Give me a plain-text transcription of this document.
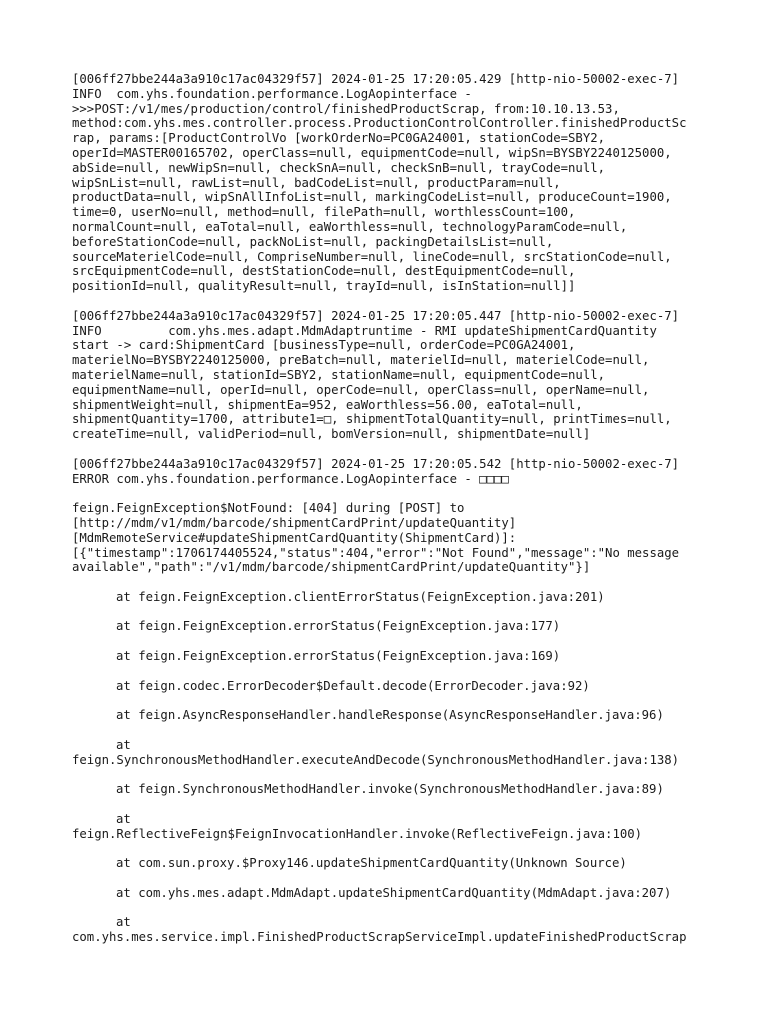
[006ff27bbe244a3a910c17ac04329f57] 2024-01-25 17:20:05.429 [http-nio-50002-exec-7]
INFO  com.yhs.foundation.performance.LogAopinterface -
>>>POST:/v1/mes/production/control/finishedProductScrap, from:10.10.13.53,
method:com.yhs.mes.controller.process.ProductionControlController.finishedProductSc
rap, params:[ProductControlVo [workOrderNo=PC0GA24001, stationCode=SBY2,
operId=MASTER00165702, operClass=null, equipmentCode=null, wipSn=BYSBY2240125000,
abSide=null, newWipSn=null, checkSnA=null, checkSnB=null, trayCode=null,
wipSnList=null, rawList=null, badCodeList=null, productParam=null,
productData=null, wipSnAllInfoList=null, markingCodeList=null, produceCount=1900,
time=0, userNo=null, method=null, filePath=null, worthlessCount=100,
normalCount=null, eaTotal=null, eaWorthless=null, technologyParamCode=null,
beforeStationCode=null, packNoList=null, packingDetailsList=null,
sourceMaterielCode=null, CompriseNumber=null, lineCode=null, srcStationCode=null,
srcEquipmentCode=null, destStationCode=null, destEquipmentCode=null,
positionId=null, qualityResult=null, trayId=null, isInStation=null]]
[006ff27bbe244a3a910c17ac04329f57] 2024-01-25 17:20:05.447 [http-nio-50002-exec-7]
INFO         com.yhs.mes.adapt.MdmAdaptruntime - RMI updateShipmentCardQuantity
start -> card:ShipmentCard [businessType=null, orderCode=PC0GA24001,
materielNo=BYSBY2240125000, preBatch=null, materielId=null, materielCode=null,
materielName=null, stationId=SBY2, stationName=null, equipmentCode=null,
equipmentName=null, operId=null, operCode=null, operClass=null, operName=null,
shipmentWeight=null, shipmentEa=952, eaWorthless=56.00, eaTotal=null,
shipmentQuantity=1700, attribute1=□, shipmentTotalQuantity=null, printTimes=null,
createTime=null, validPeriod=null, bomVersion=null, shipmentDate=null]
[006ff27bbe244a3a910c17ac04329f57] 2024-01-25 17:20:05.542 [http-nio-50002-exec-7]
ERROR com.yhs.foundation.performance.LogAopinterface - □□□□
feign.FeignException$NotFound: [404] during [POST] to
[http://mdm/v1/mdm/barcode/shipmentCardPrint/updateQuantity]
[MdmRemoteService#updateShipmentCardQuantity(ShipmentCard)]:
[{"timestamp":1706174405524,"status":404,"error":"Not Found","message":"No message
available","path":"/v1/mdm/barcode/shipmentCardPrint/updateQuantity"}]
at feign.FeignException.clientErrorStatus(FeignException.java:201)
at feign.FeignException.errorStatus(FeignException.java:177)
at feign.FeignException.errorStatus(FeignException.java:169)
at feign.codec.ErrorDecoder$Default.decode(ErrorDecoder.java:92)
at feign.AsyncResponseHandler.handleResponse(AsyncResponseHandler.java:96)
at
feign.SynchronousMethodHandler.executeAndDecode(SynchronousMethodHandler.java:138)
at feign.SynchronousMethodHandler.invoke(SynchronousMethodHandler.java:89)
at
feign.ReflectiveFeign$FeignInvocationHandler.invoke(ReflectiveFeign.java:100)
at com.sun.proxy.$Proxy146.updateShipmentCardQuantity(Unknown Source)
at com.yhs.mes.adapt.MdmAdapt.updateShipmentCardQuantity(MdmAdapt.java:207)
at
com.yhs.mes.service.impl.FinishedProductScrapServiceImpl.updateFinishedProductScrap
